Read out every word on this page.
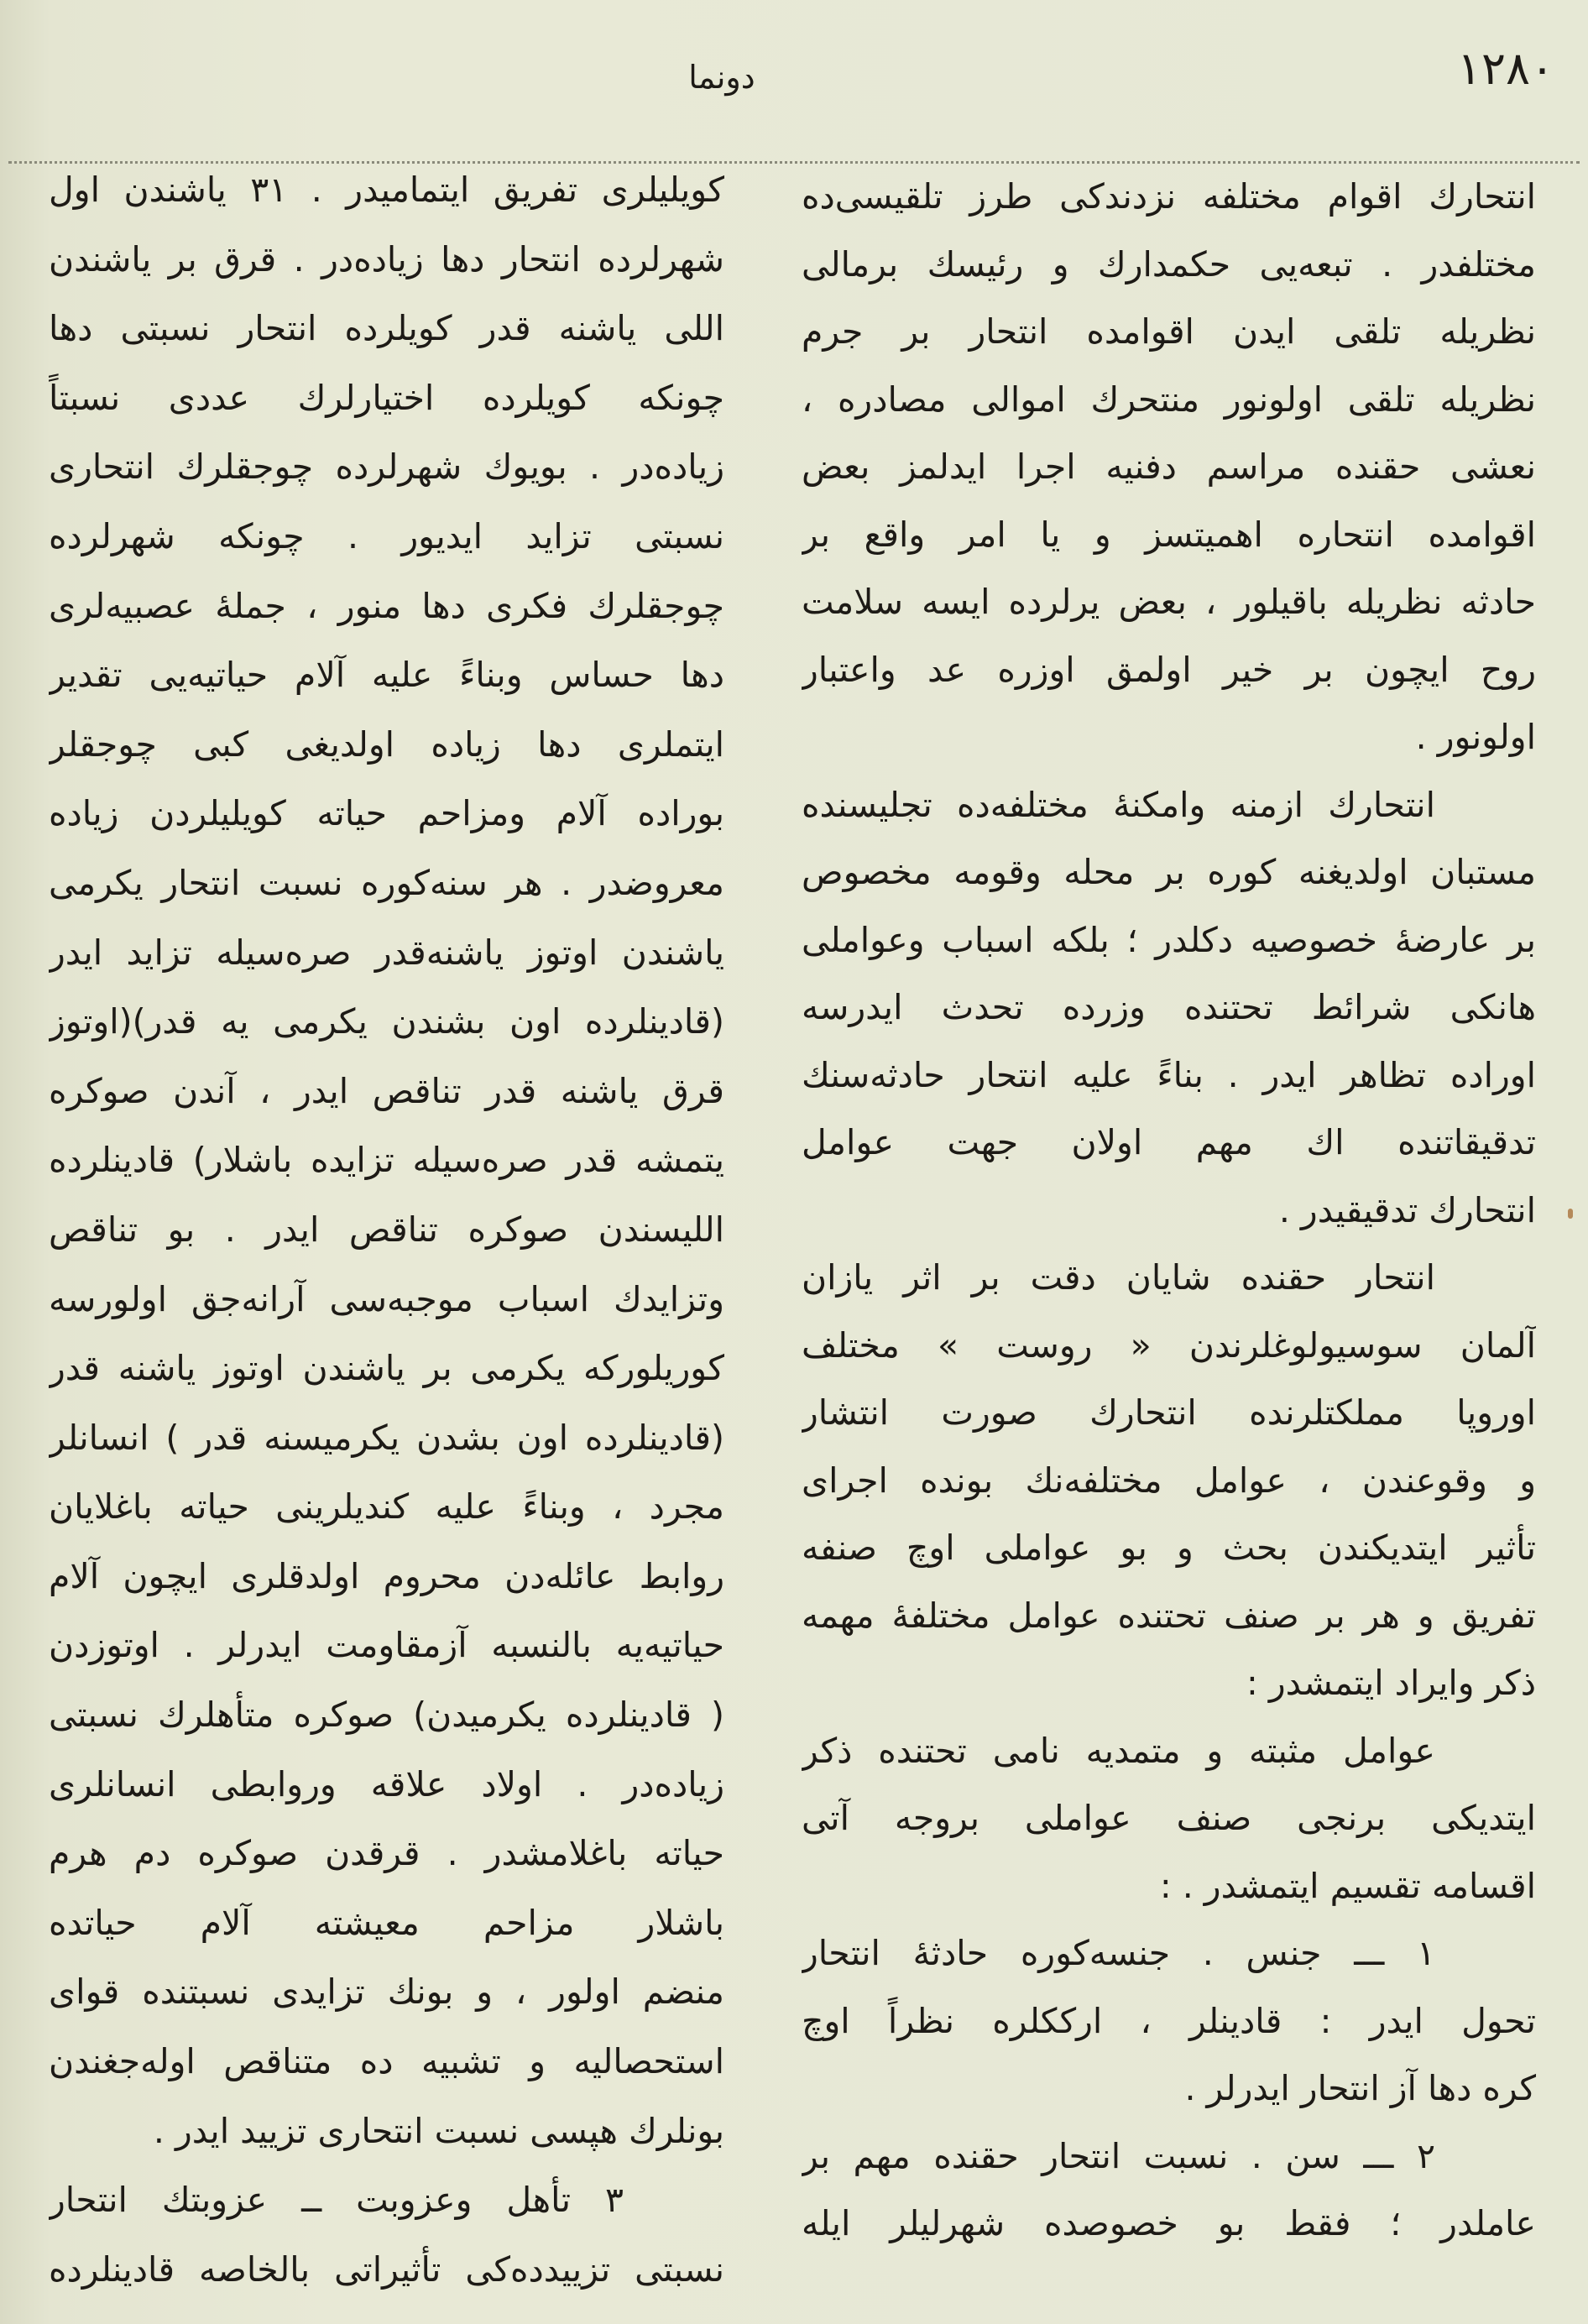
١٢٨٠
دونما
انتحارك اقوام مختلفه نزدندکی طرز تلقیسی‌ده
مختلفدر . تبعه‌یی حکمدارك و رئیسك برمالی
نظریله تلقی ایدن اقوامده انتحار بر جرم
نظریله تلقی اولونور منتحرك اموالی مصادره ،
نعشی حقنده مراسم دفنیه اجرا ایدلمز بعض
اقوامده انتحاره اهمیتسز و یا امر واقع بر
حادثه نظریله باقیلور ، بعض یرلرده ایسه سلامت
روح ایچون بر خیر اولمق اوزره عد واعتبار
اولونور .
انتحارك ازمنه وامکنهٔ مختلفه‌ده تجلیسنده
مستبان اولدیغنه کوره بر محله وقومه مخصوص
بر عارضهٔ خصوصیه دکلدر ؛ بلکه اسباب وعواملی
هانکی شرائط تحتنده وزرده تحدث ایدرسه
اوراده تظاهر ایدر . بناءً علیه انتحار حادثه‌سنك
تدقیقاتنده اك مهم اولان جهت عوامل
انتحارك تدقیقیدر .
انتحار حقنده شایان دقت بر اثر یازان
آلمان سوسیولوغلرندن « روست » مختلف
اوروپا مملکتلرنده انتحارك صورت انتشار
و وقوعندن ، عوامل مختلفه‌نك بونده اجرای
تأثیر ایتدیکندن بحث و بو عواملی اوچ صنفه
تفریق و هر بر صنف تحتنده عوامل مختلفهٔ مهمه
ذکر وایراد ایتمشدر :
عوامل مثبته و متمدیه نامی تحتنده ذکر
ایتدیکی برنجی صنف عواملی بروجه آتی
اقسامه تقسیم ایتمشدر . :
١ ـــ جنس . جنسه‌کوره حادثهٔ انتحار
تحول ایدر : قادینلر ، ارککلره نظراً اوچ
کره دها آز انتحار ایدرلر .
٢ ـــ سن . نسبت انتحار حقنده مهم بر
عاملدر ؛ فقط بو خصوصده شهرلیلر ایله
کویلیلری تفریق ایتمامیدر . ٣١ یاشندن اول
شهرلرده انتحار دها زیاده‌در . قرق بر یاشندن
اللی یاشنه قدر کویلرده انتحار نسبتی دها
چونکه کویلرده اختیارلرك عددی نسبتاً
زیاده‌در . بویوك شهرلرده چوجقلرك انتحاری
نسبتی تزاید ایدیور . چونکه شهرلرده
چوجقلرك فکری دها منور ، جملهٔ عصبیه‌لری
دها حساس وبناءً علیه آلام حیاتیه‌یی تقدیر
ایتملری دها زیاده اولدیغی کبی چوجقلر
بوراده آلام ومزاحم حیاته کویلیلردن زیاده
معروضدر . هر سنه‌کوره نسبت انتحار یکرمی
یاشندن اوتوز یاشنه‌قدر صره‌سیله تزاید ایدر
(قادینلرده اون بشندن یکرمی یه قدر)(اوتوز
قرق یاشنه قدر تناقص ایدر ، آندن صوکره
یتمشه قدر صره‌سیله تزایده باشلار) قادینلرده
اللیسندن صوکره تناقص ایدر . بو تناقص
وتزایدك اسباب موجبه‌سی آرانه‌جق اولورسه
کوریلورکه یکرمی بر یاشندن اوتوز یاشنه قدر
(قادینلرده اون بشدن یکرمیسنه قدر ) انسانلر
مجرد ، وبناءً علیه کندیلرینی حیاته باغلایان
روابط عائله‌دن محروم اولدقلری ایچون آلام
حیاتیه‌یه بالنسبه آزمقاومت ایدرلر . اوتوزدن
( قادینلرده یکرمیدن) صوکره متأهلرك نسبتی
زیاده‌در . اولاد علاقه وروابطی انسانلری
حیاته باغلامشدر . قرقدن صوکره دم هرم
باشلار مزاحم معیشته آلام حیاتده
منضم اولور ، و بونك تزایدی نسبتنده قوای
استحصالیه و تشبیه ده متناقص اوله‌جغندن
بونلرك هپسی نسبت انتحاری تزیید ایدر .
٣ تأهل وعزوبت ــ عزوبتك انتحار
نسبتی تزییدده‌کی تأثیراتی بالخاصه قادینلرده
